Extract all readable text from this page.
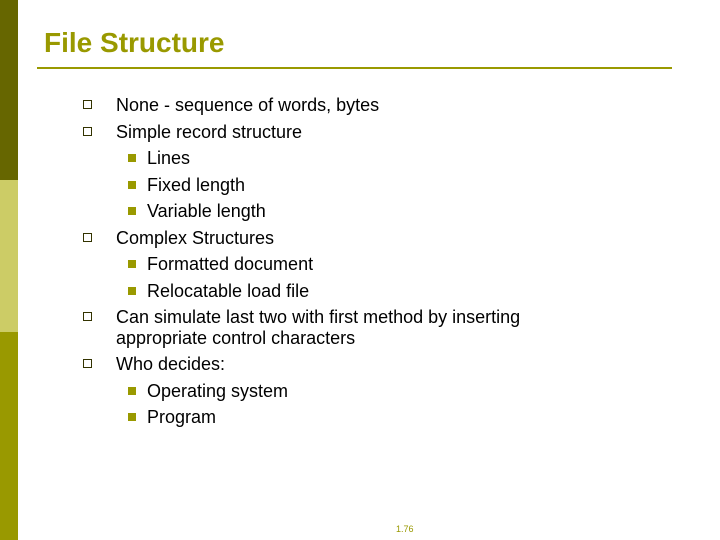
File Structure
None - sequence of words, bytes
Simple record structure
Lines
Fixed length
Variable length
Complex Structures
Formatted document
Relocatable load file
Can simulate last two with first method by inserting appropriate control characters
Who decides:
Operating system
Program
1.76
